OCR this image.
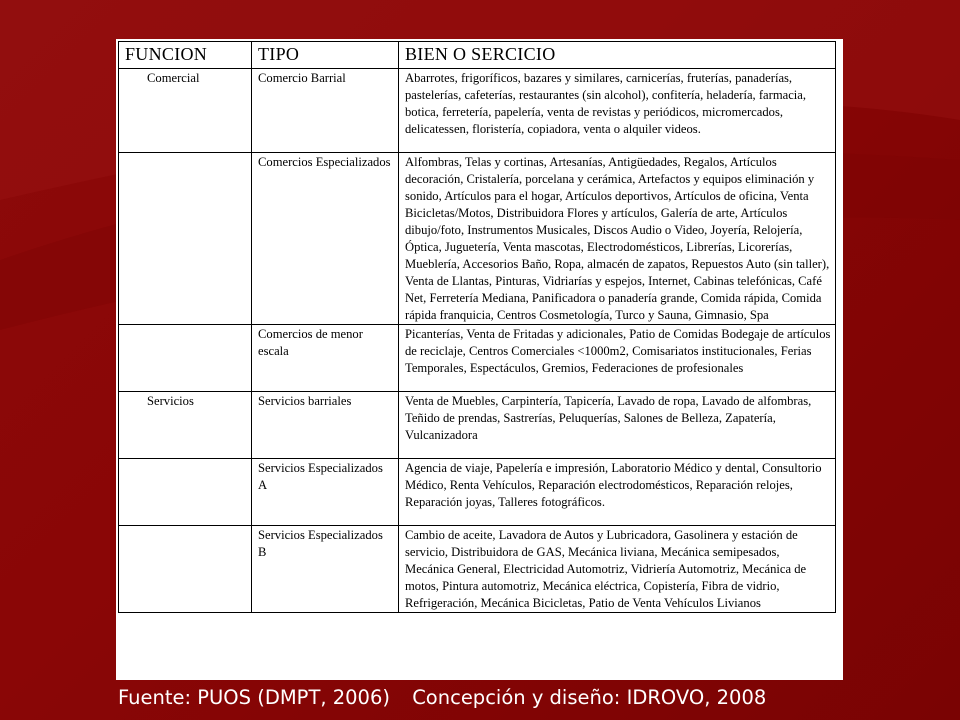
FUNCION	TIPO	BIEN O SERCICIO
Comercial	Comercio Barrial	Abarrotes, frigoríficos, bazares y similares, carnicerías, fruterías, panaderías, pastelerías, cafeterías, restaurantes (sin alcohol), confitería, heladería, farmacia, botica, ferretería, papelería, venta de revistas y periódicos, micromercados, delicatessen, floristería, copiadora, venta o alquiler videos.

	Comercios Especializados	Alfombras, Telas y cortinas, Artesanías, Antigüedades, Regalos, Artículos decoración, Cristalería, porcelana y cerámica, Artefactos y equipos eliminación y sonido, Artículos para el hogar, Artículos deportivos, Artículos de oficina, Venta Bicicletas/Motos, Distribuidora Flores y artículos, Galería de arte, Artículos dibujo/foto, Instrumentos Musicales, Discos Audio o Video, Joyería, Relojería, Óptica, Juguetería, Venta mascotas, Electrodomésticos, Librerías, Licorerías, Mueblería, Accesorios Baño, Ropa, almacén de zapatos, Repuestos Auto (sin taller), Venta de Llantas, Pinturas, Vidriarías y espejos, Internet, Cabinas telefónicas, Café Net, Ferretería Mediana, Panificadora o panadería grande, Comida rápida, Comida rápida franquicia, Centros Cosmetología, Turco y Sauna, Gimnasio, Spa
	Comercios de menor escala	Picanterías, Venta de Fritadas y adicionales, Patio de Comidas Bodegaje de artículos de reciclaje, Centros Comerciales <1000m2, Comisariatos institucionales, Ferias Temporales, Espectáculos, Gremios, Federaciones de profesionales

Servicios	Servicios barriales	Venta de Muebles, Carpintería, Tapicería, Lavado de ropa, Lavado de alfombras, Teñido de prendas, Sastrerías, Peluquerías, Salones de Belleza, Zapatería, Vulcanizadora

	Servicios Especializados A	Agencia de viaje, Papelería e impresión, Laboratorio Médico y dental, Consultorio Médico, Renta Vehículos, Reparación electrodomésticos, Reparación relojes, Reparación joyas, Talleres fotográficos.

	Servicios Especializados B	Cambio de aceite, Lavadora de Autos y Lubricadora, Gasolinera y estación de servicio, Distribuidora de GAS, Mecánica liviana, Mecánica semipesados, Mecánica General, Electricidad Automotriz, Vidriería Automotriz, Mecánica de motos, Pintura automotriz, Mecánica eléctrica, Copistería, Fibra de vidrio, Refrigeración, Mecánica Bicicletas, Patio de Venta Vehículos Livianos
Fuente: PUOS (DMPT, 2006) Concepción y diseño: IDROVO, 2008
